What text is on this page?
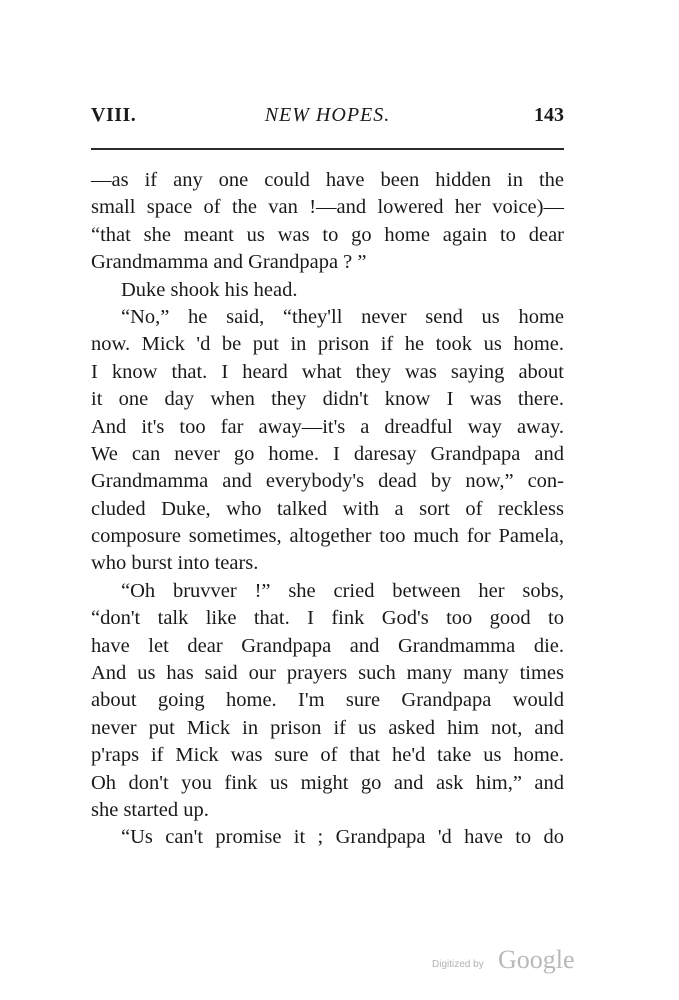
VIII.	NEW HOPES.	143
—as if any one could have been hidden in the
small space of the van !—and lowered her voice)—
“that she meant us was to go home again to dear
Grandmamma and Grandpapa ? ”
Duke shook his head.
“No,” he said, “they'll never send us home
now. Mick 'd be put in prison if he took us home.
I know that. I heard what they was saying about
it one day when they didn't know I was there.
And it's too far away—it's a dreadful way away.
We can never go home. I daresay Grandpapa and
Grandmamma and everybody's dead by now,” con-
cluded Duke, who talked with a sort of reckless
composure sometimes, altogether too much for Pamela,
who burst into tears.
“Oh bruvver !” she cried between her sobs,
“don't talk like that. I fink God's too good to
have let dear Grandpapa and Grandmamma die.
And us has said our prayers such many many times
about going home. I'm sure Grandpapa would
never put Mick in prison if us asked him not, and
p'raps if Mick was sure of that he'd take us home.
Oh don't you fink us might go and ask him,” and
she started up.
“Us can't promise it ; Grandpapa 'd have to do
Digitized by Google
